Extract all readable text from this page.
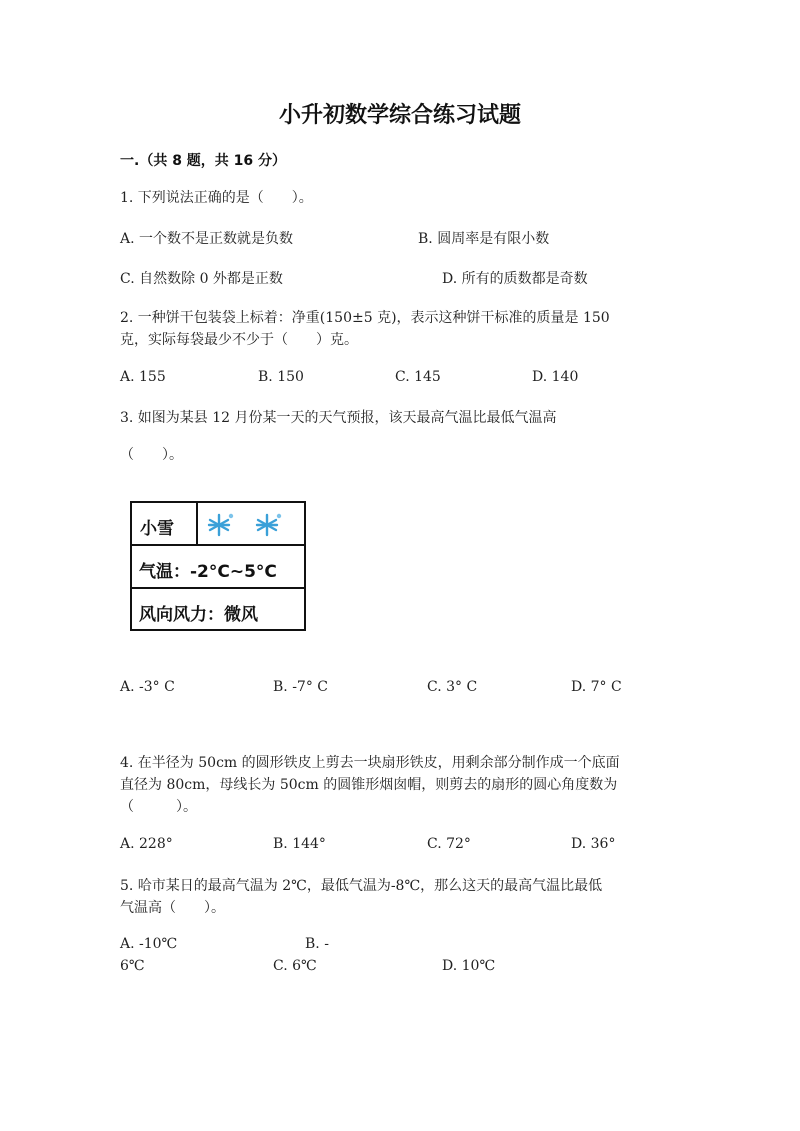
小升初数学综合练习试题
一.（共 8 题，共 16 分）
1. 下列说法正确的是（　　）。
A. 一个数不是正数就是负数	B. 圆周率是有限小数
C. 自然数除 0 外都是正数	D. 所有的质数都是奇数
2. 一种饼干包装袋上标着：净重(150±5 克)，表示这种饼干标准的质量是 150
克，实际每袋最少不少于（　　）克。
A. 155	B. 150	C. 145	D. 140
3. 如图为某县 12 月份某一天的天气预报，该天最高气温比最低气温高
（　　）。
小雪
气温：-2°C~5°C
风向风力：微风
A. -3° C	B. -7° C	C. 3° C	D. 7° C
4. 在半径为 50cm 的圆形铁皮上剪去一块扇形铁皮，用剩余部分制作成一个底面
直径为 80cm，母线长为 50cm 的圆锥形烟囱帽，则剪去的扇形的圆心角度数为
（　　　）。
A. 228°	B. 144°	C. 72°	D. 36°
5. 哈市某日的最高气温为 2℃，最低气温为-8℃，那么这天的最高气温比最低
气温高（　　）。
A. -10℃	B. -
6℃	C. 6℃	D. 10℃
